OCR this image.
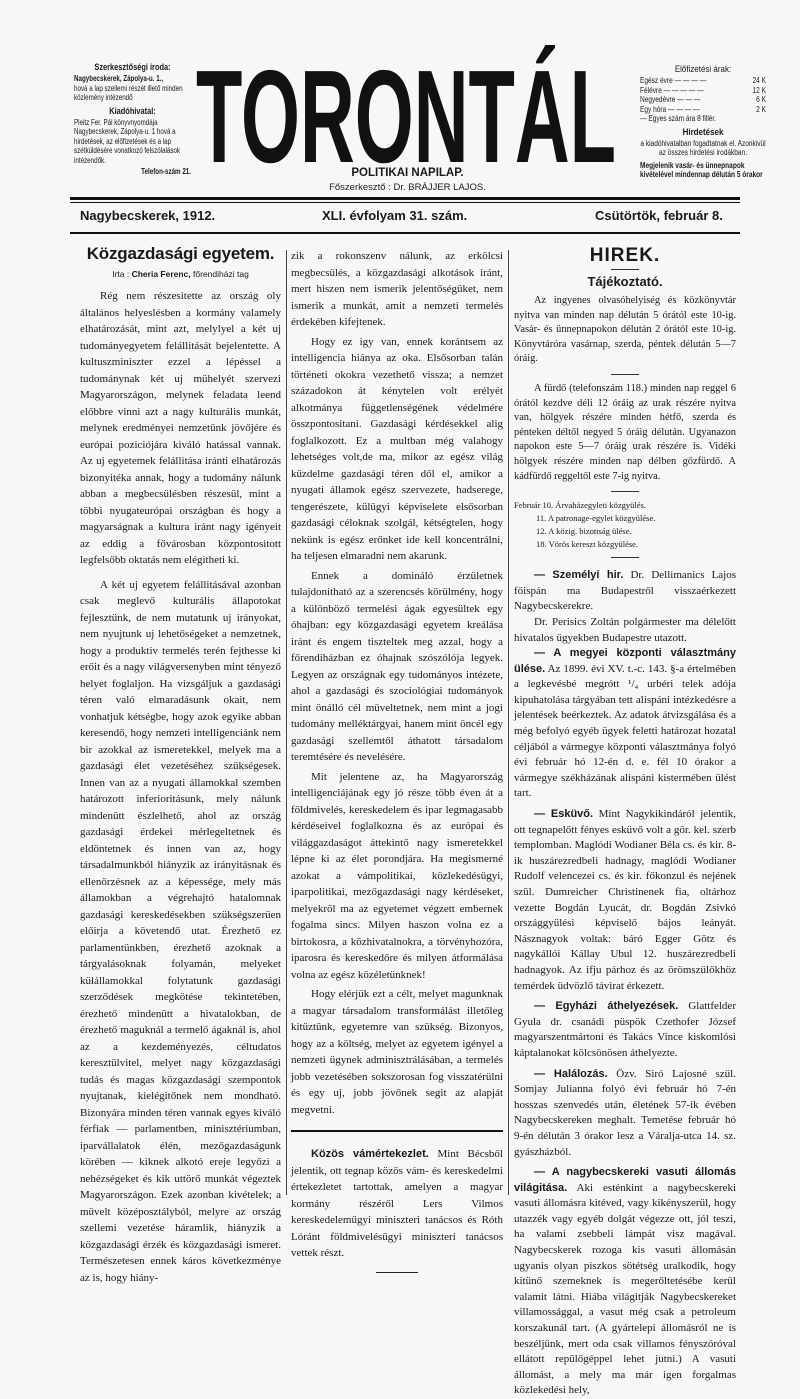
Szerkesztőségi iroda:

Nagybecskerek, Zápolya-u. 1.,

hová a lap szellemi részét illető minden közlemény intézendő

Kiadóhivatal:

Pleitz Fer. Pál könyvnyomdája Nagybecskerek, Zápolya-u. 1 hová a hirdetések, az előfizetések és a lap szétküldésére vonatkozó felszólalások intézendők.

Telefon-szám 21. TORONTÁL
POLITIKAI NAPILAP.
Főszerkesztő : Dr. BRÁJJER LAJOS.
Előfizetési árak:
Egész évre — — — —	24 K
Félévre — — — — —	12 K
Negyedévre — — —	6 K
Egy hóra — — — —	2 K
— Egyes szám ára 8 fillér.
Hirdetések

a kiadóhivatalban fogadtatnak el. Azonkivül az összes hirdetési irodákban.

Megjelenik vasár- és ünnepnapok kivételével mindennap délután 5 órakor

Nagybecskerek, 1912.	XLI. évfolyam 31. szám.	Csütörtök, február 8.
Közgazdasági egyetem.
Irta : Cheria Ferenc, főrendiházi tag

Rég nem részesitette az ország oly általános helyeslésben a kormány valamely elhatározását, mint azt, melylyel a két uj tudományegyetem felállitását bejelentette. A kultuszminiszter ezzel a lépéssel a tudománynak két uj mühelyét szervezi Magyarországon, melynek feladata leend előbbre vinni azt a nagy kulturális munkát, melynek eredményei nemzetünk jövőjére és európai poziciójára kiváló hatással vannak. Az uj egyetemek felállitása iránti elhatározás bizonyitéka annak, hogy a tudomány nálunk abban a megbecsülésben részesül, mint a többi nyugateurópai országban és hogy a magyarságnak a kultura iránt nagy igényeit az eddig a fővárosban központositott legfelsőbb oktatás nem elégitheti ki.

A két uj egyetem felállitásával azonban csak meglevő kulturális állapotokat fejlesztünk, de nem mutatunk uj irányokat, nem nyujtunk uj lehetőségeket a nemzetnek, hogy a produktiv termelés terén fejthesse ki erőit és a nagy világversenyben mint tényező helyet foglaljon. Ha vizsgáljuk a gazdasági téren való elmaradásunk okait, nem vonhatjuk kétségbe, hogy azok egyike abban keresendő, hogy nemzeti intelligenciánk nem bir azokkal az ismeretekkel, melyek ma a gazdasági élet vezetéséhez szükségesek. Innen van az a nyugati államokkal szemben határozott inferioritásunk, mely nálunk mindenütt észlelhető, ahol az ország gazdasági érdekei mérlegeltetnek és eldöntetnek és innen van az, hogy társadalmunkból hiányzik az irányitásnak és ellenőrzésnek az a képessége, mely más államokban a végrehajtó hatalomnak gazdasági kereskedésekben szükségszerüen előirja a követendő utat. Érezhető ez parlamentünkben, érezhető azoknak a tárgyalásoknak folyamán, melyeket külállamokkal folytatunk gazdasági szerződések megkötése tekintetében, érezhető mindenütt a hivatalokban, de érezhető maguknál a termelő ágaknál is, ahol az a kezdeményezés, céltudatos keresztülvitel, melyet nagy közgazdasági tudás és magas közgazdasági szempontok nyujtanak, kielégitőnek nem mondható. Bizonyára minden téren vannak egyes kiváló férfiak — parlamentben, minisztériumban, iparvállalatok élén, mezőgazdaságunk körében — kiknek alkotó ereje legyőzi a nehézségeket és kik uttörő munkát végeztek Magyarországon. Ezek azonban kivételek; a müvelt középosztályból, melyre az ország szellemi vezetése háramlik, hiányzik a közgazdasági érzék és közgazdasági ismeret. Természetesen ennek káros következménye az is, hogy hiány-

zik a rokonszenv nálunk, az erkölcsi megbecsülés, a közgazdasági alkotások iránt, mert hiszen nem ismerik jelentőségüket, nem ismerik a munkát, amit a nemzeti termelés érdekében kifejtenek.

Hogy ez igy van, ennek korántsem az intelligencia hiánya az oka. Elsősorban talán történeti okokra vezethető vissza; a nemzet századokon át kénytelen volt erélyét alkotmánya függetlenségének védelmére összpontositani. Gazdasági kérdésekkel alig foglalkozott. Ez a multban még valahogy lehetséges volt,de ma, mikor az egész világ küzdelme gazdasági téren dől el, amikor a nyugati államok egész szervezete, hadserege, tengerészete, külügyi képviselete elsősorban gazdasági céloknak szolgál, kétségtelen, hogy nekünk is egész erőnket ide kell koncentrálni, ha teljesen elmaradni nem akarunk.

Ennek a domináló érzületnek tulajdonitható az a szerencsés körülmény, hogy a különböző termelési ágak egyesültek egy óhajban: egy közgazdasági egyetem kreálása iránt és engem tiszteltek meg azzal, hogy a főrendiházban ez óhajnak szószólója legyek. Legyen az országnak egy tudományos intézete, ahol a gazdasági és szociológiai tudományok mint önálló cél müveltetnek, nem mint a jogi tudomány melléktárgyai, hanem mint öncél egy gazdasági szellemtől áthatott társadalom teremtésére és nevelésére.

Mit jelentene az, ha Magyarország intelligenciájának egy jó része több éven át a földmivelés, kereskedelem és ipar legmagasabb kérdéseivel foglalkozna és az európai és világgazdaságot áttekintő nagy ismeretekkel lépne ki az élet porondjára. Ha megismerné azokat a vámpolitikai, közlekedésügyi, iparpolitikai, mezőgazdasági nagy kérdéseket, melyekről ma az egyetemet végzett embernek fogalma sincs. Milyen haszon volna ez a birtokosra, a közhivatalnokra, a törvényhozóra, iparosra és kereskedőre és milyen átformálása volna az egész közéletünknek!

Hogy elérjük ezt a célt, melyet magunknak a magyar társadalom transformálást illetőleg kitüztünk, egyetemre van szükség. Bizonyos, hogy az a költség, melyet az egyetem igényel a nemzeti ügynek adminisztrálásában, a termelés jobb vezetésében sokszorosan fog visszatérülni és egy uj, jobb jövőnek segit az alapját megvetni.

Közös vámértekezlet. Mint Bécsből jelentik, ott tegnap közös vám- és kereskedelmi értekezletet tartottak, amelyen a magyar kormány részéről Lers Vilmos kereskedelemügyi miniszteri tanácsos és Róth Lóránt földmivelésügyi miniszteri tanácsos vettek részt.

HIREK.
Tájékoztató.

Az ingyenes olvasóhelyiség és közkönyvtár nyitva van minden nap délután 5 órától este 10-ig. Vasár- és ünnepnapokon délután 2 órától este 10-ig. Könyvtárórа vasárnap, szerda, péntek délután 5—7 óráig.

A fürdő (telefonszám 118.) minden nap reggel 6 órától kezdve déli 12 óráig az urak részére nyitva van, hölgyek részére minden hétfő, szerda és pénteken déltől negyed 5 óráig délután. Ugyanazon napokon este 5—7 óráig urak részére is. Vidéki hölgyek részére minden nap délben gőzfürdő. A kádfürdő reggeltől este 7-ig nyitva.

Február 10. Árvaházegyleti közgyülés.
11. A patronage-egylet közgyülése.
12. A közig. bizottság ülése.
18. Vörös kereszt közgyülése.

— Személyi hir. Dr. Dellimanics Lajos főispán ma Budapestről visszaérkezett Nagybecskerekre.

Dr. Perisics Zoltán polgármester ma délelőtt hivatalos ügyekben Budapestre utazott.

— A megyei központi választmány ülése. Az 1899. évi XV. t.-c. 143. §-a értelmében a legkevésbé megrótt ¹/₄ urbéri telek adója kipuhatolása tárgyában tett alispáni intézkedésre a jelentések beérkeztek. Az adatok átvizsgálása és a még befolyó egyéb ügyek feletti határozat hozatal céljából a vármegye központi választmánya folyó évi február hó 12-én d. e. fél 10 órakor a vármegye székházának alispáni kistermében ülést tart.

— Esküvő. Mint Nagykikindáról jelentik, ott tegnapelőtt fényes esküvő volt a gör. kel. szerb templomban. Maglódi Wodianer Béla cs. és kir. 8-ik huszárezredbeli hadnagy, maglódi Wodianer Rudolf velencezei cs. és kir. főkonzul és nejének szül. Dumreicher Christinenek fia, oltárhoz vezette Bogdán Lyucát, dr. Bogdán Zsivkó országgyülési képviselő bájos leányát. Násznagyok voltak: báró Egger Götz és nagykállói Kállay Ubul 12. huszárezredbeli hadnagyok. Az ifju párhoz és az örömszülőkhöz temérdek üdvözlő távirat érkezett.

— Egyházi áthelyezések. Glattfelder Gyula dr. csanádi püspök Czethofer József magyarszentmártoni és Takács Vince kiskomlósi káptalanokat kölcsönösen áthelyezte.

— Halálozás. Özv. Siró Lajosné szül. Somjay Julianna folyó évi február hó 7-én hosszas szenvedés után, életének 57-ik évében Nagybecskereken meghalt. Temetése február hó 9-én délután 3 órakor lesz a Váralja-utca 14. sz. gyászházból.

— A nagybecskereki vasuti állomás világitása. Aki esténkint a nagybecskereki vasuti állomásra kitéved, vagy kikényszerül, hogy utazzék vagy egyéb dolgát végezze ott, jól teszi, ha valami zsebbeli lámpát visz magával. Nagybecskerek rozoga kis vasuti állomásán ugyanis olyan piszkos sötétség uralkodik, hogy kitünő szemeknek is megerőltetésébe kerül valamit látni. Hiába világitják Nagybecskereket villamossággal, a vasut még csak a petroleum korszakunál tart. (A gyártelepi állomásról ne is beszéljünk, mert oda csak villamos fényszóróval ellátott repülőgéppel lehet jutni.) A vasuti állomást, a mely ma már igen forgalmas közlekedési hely,
